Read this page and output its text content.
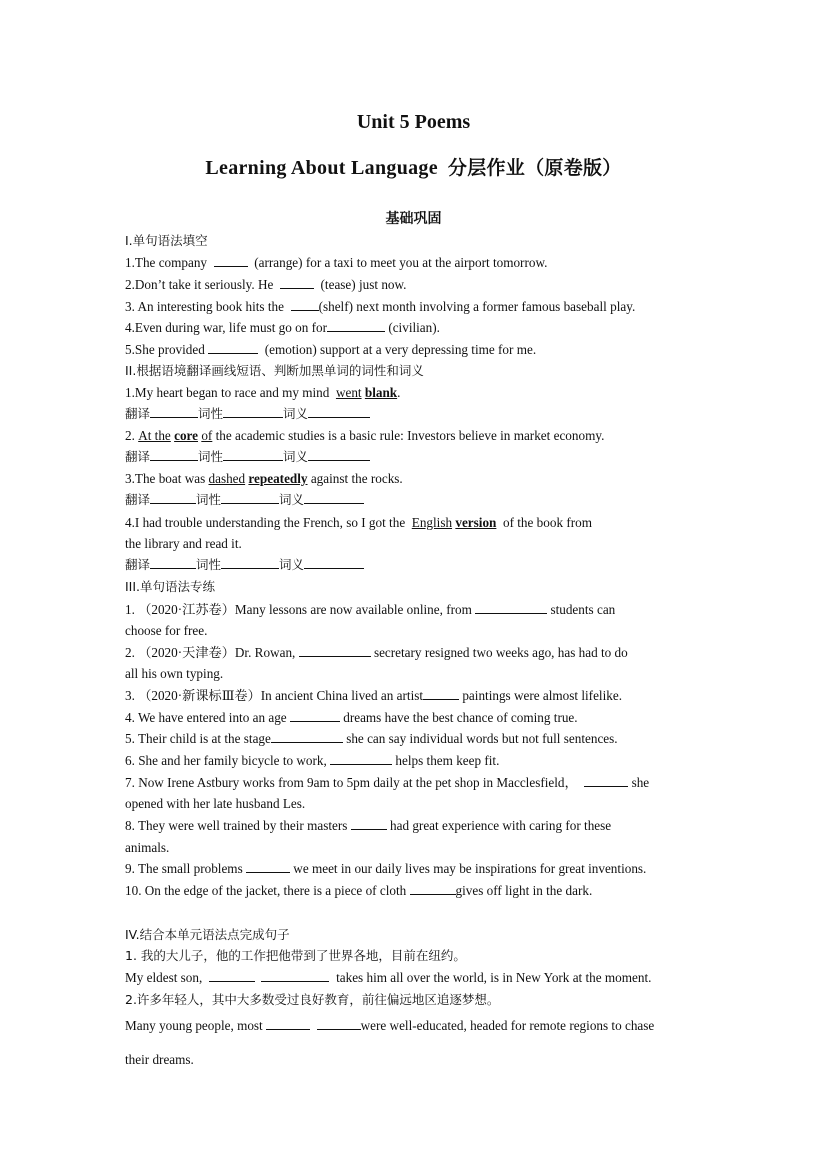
Unit 5 Poems
Learning About Language 分层作业（原卷版）
基础巩固
I.单句语法填空
1.The company	(arrange) for a taxi to meet you at the airport tomorrow.
2.Don’t take it seriously. He	(tease) just now.
3. An interesting book hits the	(shelf) next month involving a former famous baseball play.
4.Even during war, life must go on for	(civilian).
5.She provided	(emotion) support at a very depressing time for me.
II.根据语境翻译画线短语、判断加黑单词的词性和词义
1.My heart began to race and my mind went blank.
翻译	词性	词义
2. At the core of the academic studies is a basic rule: Investors believe in market economy.
翻译	词性	词义
3.The boat was dashed repeatedly against the rocks.
翻译	词性	词义
4.I had trouble understanding the French, so I got the English version of the book from
the library and read it.
翻译	词性	词义
III.单句语法专练
1. （2020·江苏卷）Many lessons are now available online, from	students can
choose for free.
2. （2020·天津卷）Dr. Rowan,	secretary resigned two weeks ago, has had to do
all his own typing.
3. （2020·新课标Ⅲ卷）In ancient China lived an artist	paintings were almost lifelike.
4. We have entered into an age	dreams have the best chance of coming true.
5. Their child is at the stage	she can say individual words but not full sentences.
6. She and her family bicycle to work,	helps them keep fit.
7. Now Irene Astbury works from 9am to 5pm daily at the pet shop in Macclesfield，	she
opened with her late husband Les.
8. They were well trained by their masters	had great experience with caring for these
animals.
9. The small problems	we meet in our daily lives may be inspirations for great inventions.
10. On the edge of the jacket, there is a piece of cloth	gives off light in the dark.
IV.结合本单元语法点完成句子
1. 我的大儿子，他的工作把他带到了世界各地，目前在纽约。
My eldest son,	takes him all over the world, is in New York at the moment.
2.许多年轻人，其中大多数受过良好教育，前往偏远地区追逐梦想。
Many young people, most	were well-educated, headed for remote regions to chase
their dreams.
